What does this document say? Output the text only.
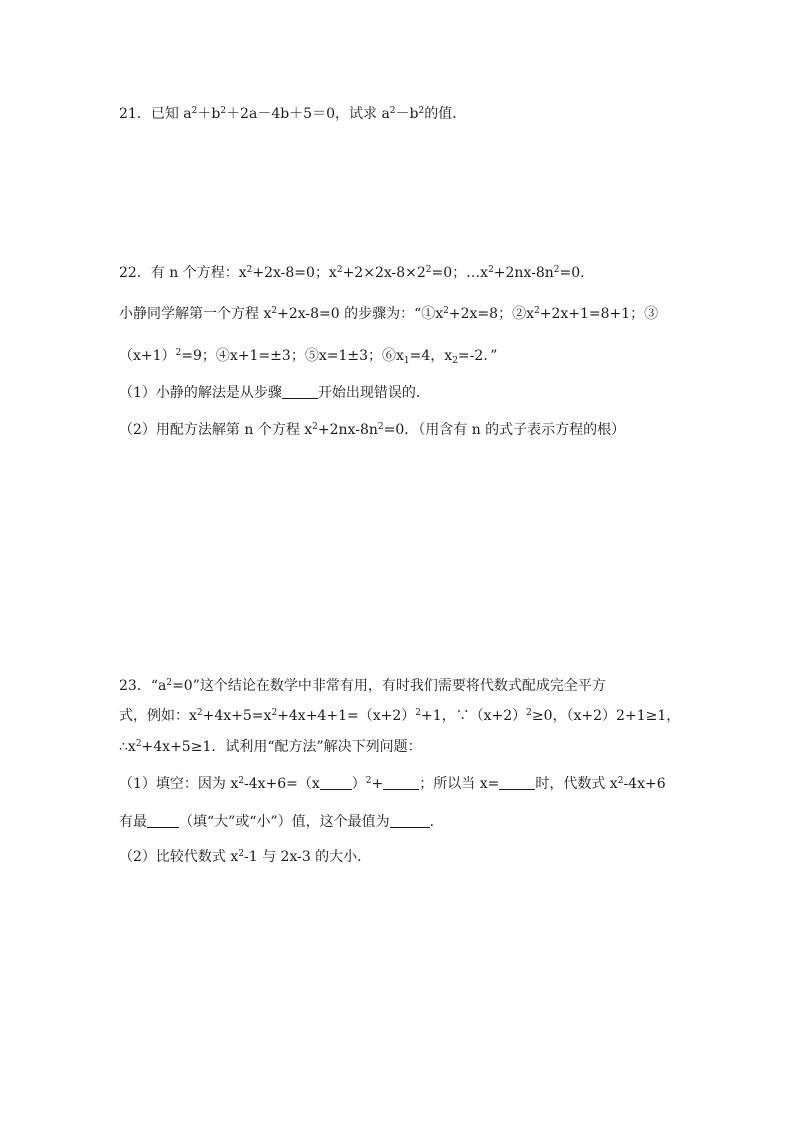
21．已知 $a^2+b^2+2a-4b+5=0$，试求 $a^2-b^2$的值．
22．有 n 个方程：$x^2+2x-8=0$；$x^2+2\times 2x-8\times 2^2=0$；$\dots x^2+2nx-8n^2=0$．
小静同学解第一个方程 $x^2+2x-8=0$ 的步骤为：“$①x^2+2x=8$；$②x^2+2x+1=8+1$；③
$(x+1)^2=9$；④x+1=±3；⑤x=1±3；$⑥x_1=4$，$x_2=-2$．”
（1）小静的解法是从步骤	开始出现错误的．
（2）用配方法解第 n 个方程 $x^2+2nx-8n^2=0$．（用含有 n 的式子表示方程的根）
23．“$a^2=0$”这个结论在数学中非常有用，有时我们需要将代数式配成完全平方
式，例如：$x^2+4x+5=x^2+4x+4+1=(x+2)^2+1$，$\because(x+2)^2\ge 0$，（x+2）2+1≥1，
$\therefore x^2+4x+5\ge 1$．试利用“配方法”解决下列问题：
（1）填空：因为 $x^2-4x+6=(x$ ）$^2$+	；所以当 x=	时，代数式 $x^2-4x+6$
有最 （填“大”或“小”）值，这个最值为	．
（2）比较代数式 $x^2-1$ 与 2x-3 的大小．
